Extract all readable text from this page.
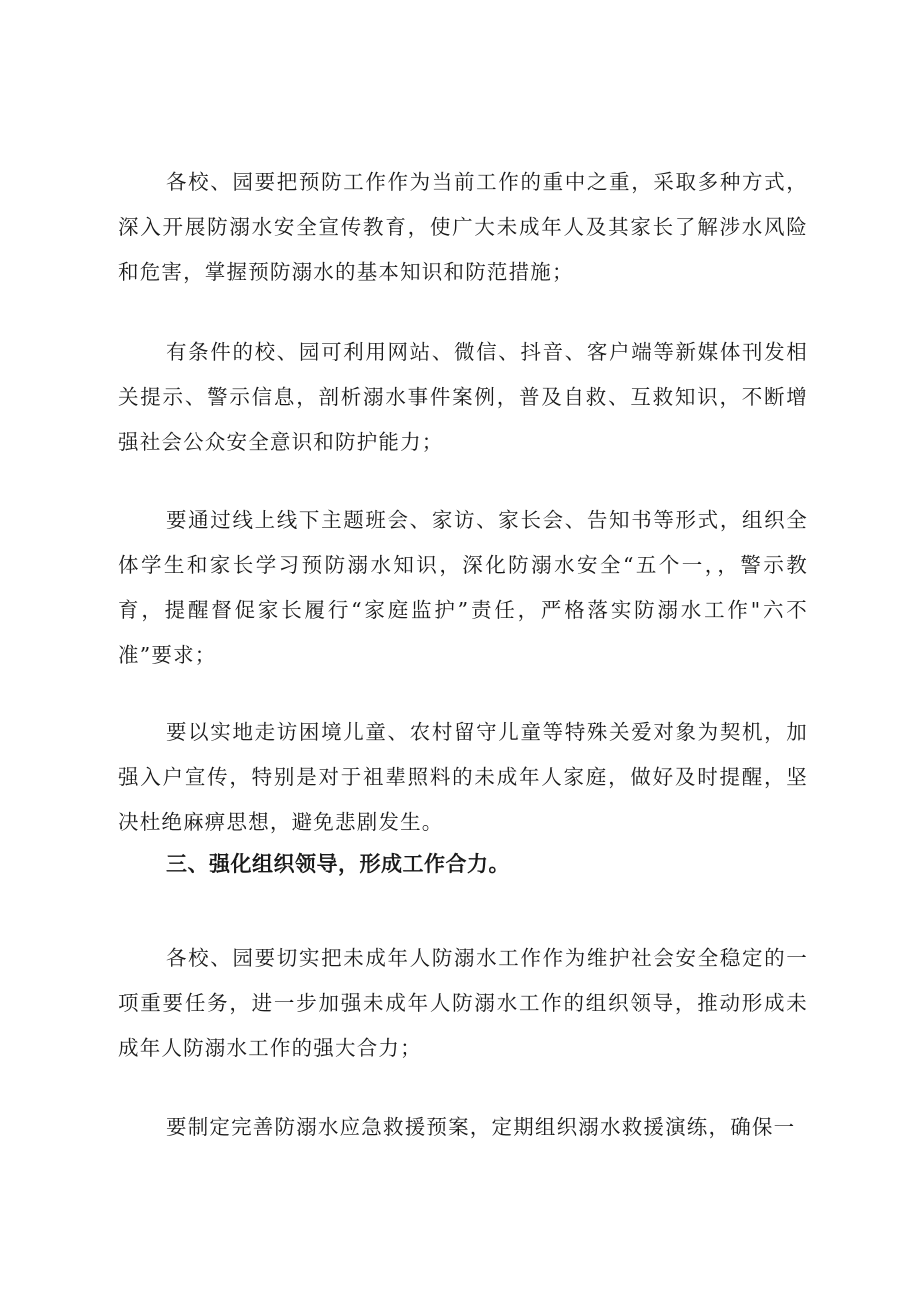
各校、园要把预防工作作为当前工作的重中之重，采取多种方式，深入开展防溺水安全宣传教育，使广大未成年人及其家长了解涉水风险和危害，掌握预防溺水的基本知识和防范措施；

有条件的校、园可利用网站、微信、抖音、客户端等新媒体刊发相关提示、警示信息，剖析溺水事件案例，普及自救、互救知识，不断增强社会公众安全意识和防护能力；

要通过线上线下主题班会、家访、家长会、告知书等形式，组织全体学生和家长学习预防溺水知识，深化防溺水安全“五个一，，警示教育，提醒督促家长履行“家庭监护”责任，严格落实防溺水工作"六不准”要求；

要以实地走访困境儿童、农村留守儿童等特殊关爱对象为契机，加强入户宣传，特别是对于祖辈照料的未成年人家庭，做好及时提醒，坚决杜绝麻痹思想，避免悲剧发生。

三、强化组织领导，形成工作合力。

各校、园要切实把未成年人防溺水工作作为维护社会安全稳定的一项重要任务，进一步加强未成年人防溺水工作的组织领导，推动形成未成年人防溺水工作的强大合力；

要制定完善防溺水应急救援预案，定期组织溺水救援演练，确保一
